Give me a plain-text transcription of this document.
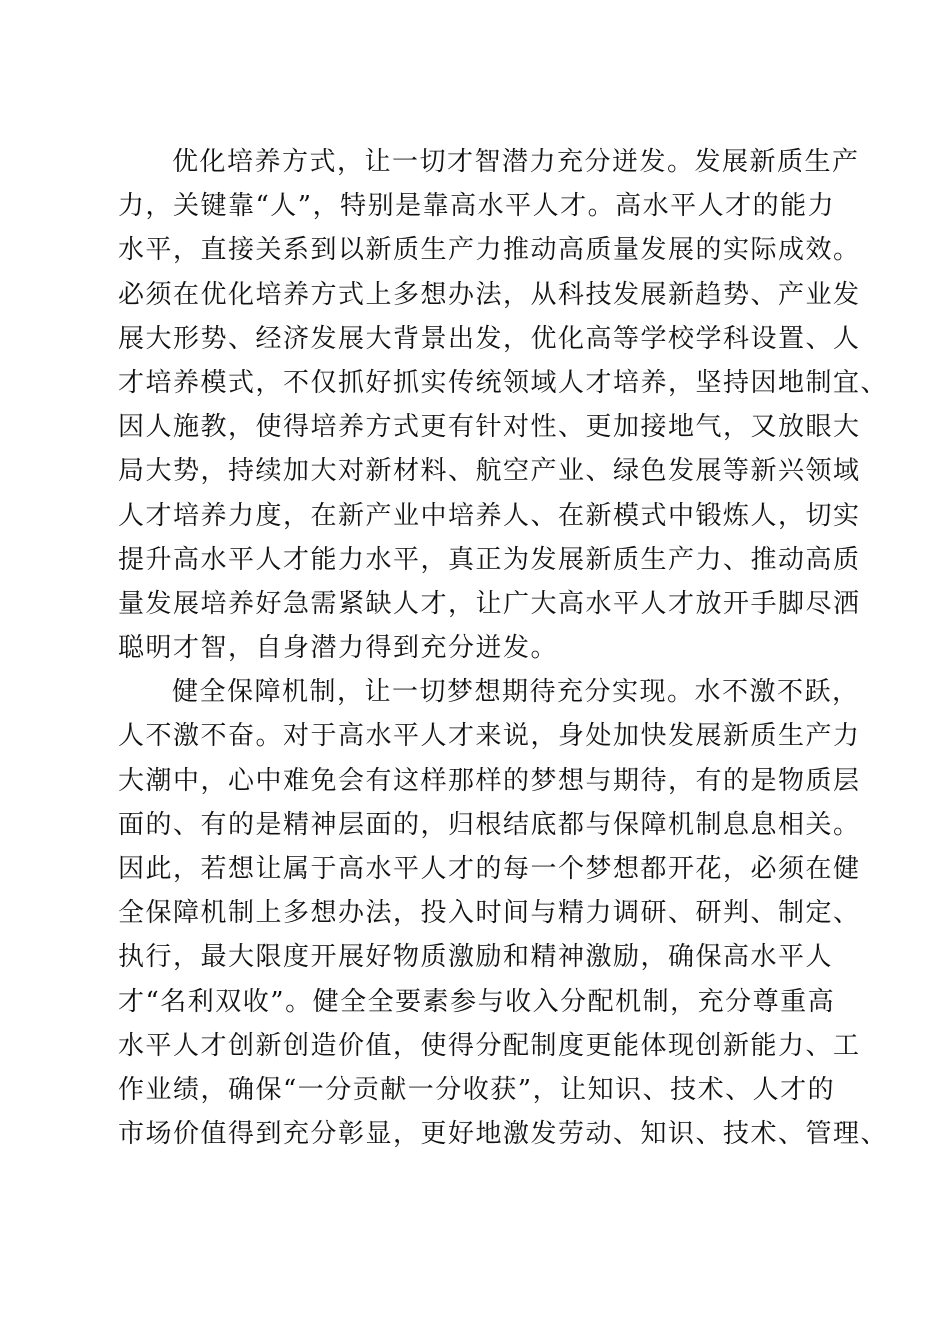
优化培养方式，让一切才智潜力充分迸发。发展新质生产
力，关键靠“人”，特别是靠高水平人才。高水平人才的能力
水平，直接关系到以新质生产力推动高质量发展的实际成效。
必须在优化培养方式上多想办法，从科技发展新趋势、产业发
展大形势、经济发展大背景出发，优化高等学校学科设置、人
才培养模式，不仅抓好抓实传统领域人才培养，坚持因地制宜、
因人施教，使得培养方式更有针对性、更加接地气，又放眼大
局大势，持续加大对新材料、航空产业、绿色发展等新兴领域
人才培养力度，在新产业中培养人、在新模式中锻炼人，切实
提升高水平人才能力水平，真正为发展新质生产力、推动高质
量发展培养好急需紧缺人才，让广大高水平人才放开手脚尽洒
聪明才智，自身潜力得到充分迸发。
健全保障机制，让一切梦想期待充分实现。水不激不跃，
人不激不奋。对于高水平人才来说，身处加快发展新质生产力
大潮中，心中难免会有这样那样的梦想与期待，有的是物质层
面的、有的是精神层面的，归根结底都与保障机制息息相关。
因此，若想让属于高水平人才的每一个梦想都开花，必须在健
全保障机制上多想办法，投入时间与精力调研、研判、制定、
执行，最大限度开展好物质激励和精神激励，确保高水平人
才“名利双收”。健全全要素参与收入分配机制，充分尊重高
水平人才创新创造价值，使得分配制度更能体现创新能力、工
作业绩，确保“一分贡献一分收获”，让知识、技术、人才的
市场价值得到充分彰显，更好地激发劳动、知识、技术、管理、
